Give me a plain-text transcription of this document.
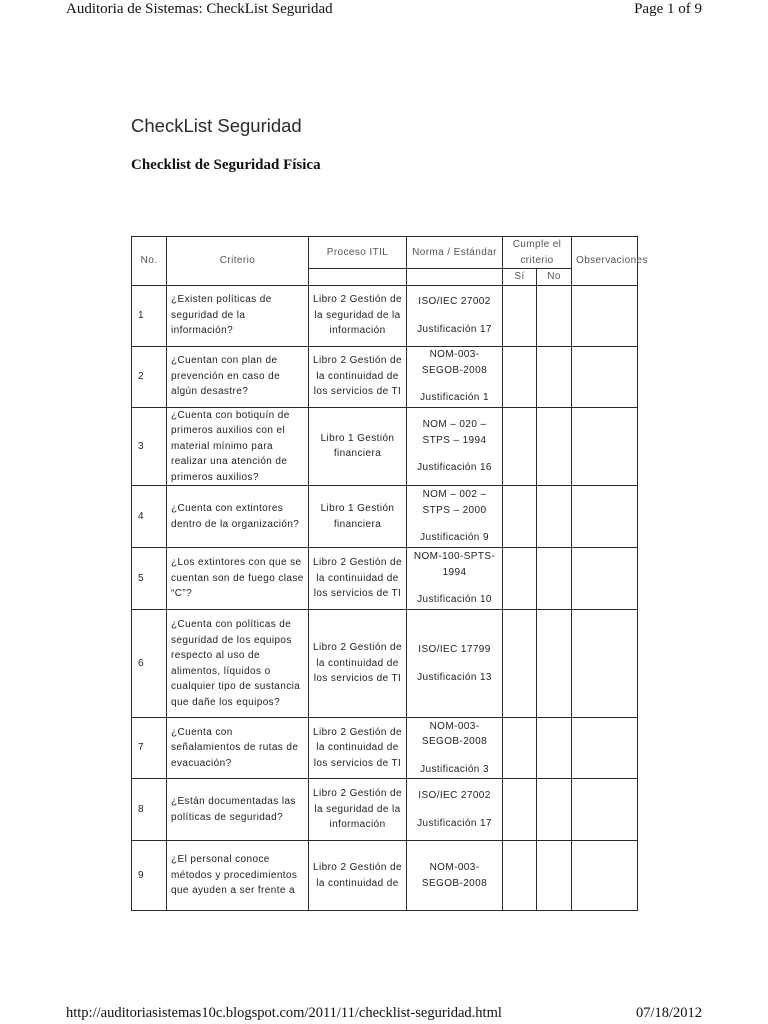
Auditoria de Sistemas: CheckList Seguridad	Page 1 of 9
CheckList Seguridad
Checklist de Seguridad Física
No.	Criterio	Proceso ITIL	Norma / Estándar	Cumple el criterio		Observaciones
				Sí	No	
1	¿Existen políticas de seguridad de la información?	Libro 2 Gestión de la seguridad de la información	ISO/IEC 27002
Justificación 17			

2	¿Cuentan con plan de prevención en caso de algún desastre?	Libro 2 Gestión de la continuidad de los servicios de TI	NOM-003-SEGOB-2008
Justificación 1			

3	¿Cuenta con botiquín de primeros auxilios con el material mínimo para realizar una atención de primeros auxilios?	Libro 1 Gestión financiera	NOM – 020 – STPS – 1994
Justificación 16			

4	¿Cuenta con extintores dentro de la organización?	Libro 1 Gestión financiera	NOM – 002 – STPS – 2000
Justificación 9			

5	¿Los extintores con que se cuentan son de fuego clase “C”?	Libro 2 Gestión de la continuidad de los servicios de TI	NOM-100-SPTS-1994
Justificación 10			

6	¿Cuenta con políticas de seguridad de los equipos respecto al uso de alimentos, líquidos o cualquier tipo de sustancia que dañe los equipos?	Libro 2 Gestión de la continuidad de los servicios de TI	ISO/IEC 17799
Justificación 13			

7	¿Cuenta con señalamientos de rutas de evacuación?	Libro 2 Gestión de la continuidad de los servicios de TI	NOM-003-SEGOB-2008
Justificación 3			

8	¿Están documentadas las políticas de seguridad?	Libro 2 Gestión de la seguridad de la información	ISO/IEC 27002
Justificación 17			

9	¿El personal conoce métodos y procedimientos que ayuden a ser frente a	Libro 2 Gestión de la continuidad de	NOM-003-SEGOB-2008			
http://auditoriasistemas10c.blogspot.com/2011/11/checklist-seguridad.html	07/18/2012
